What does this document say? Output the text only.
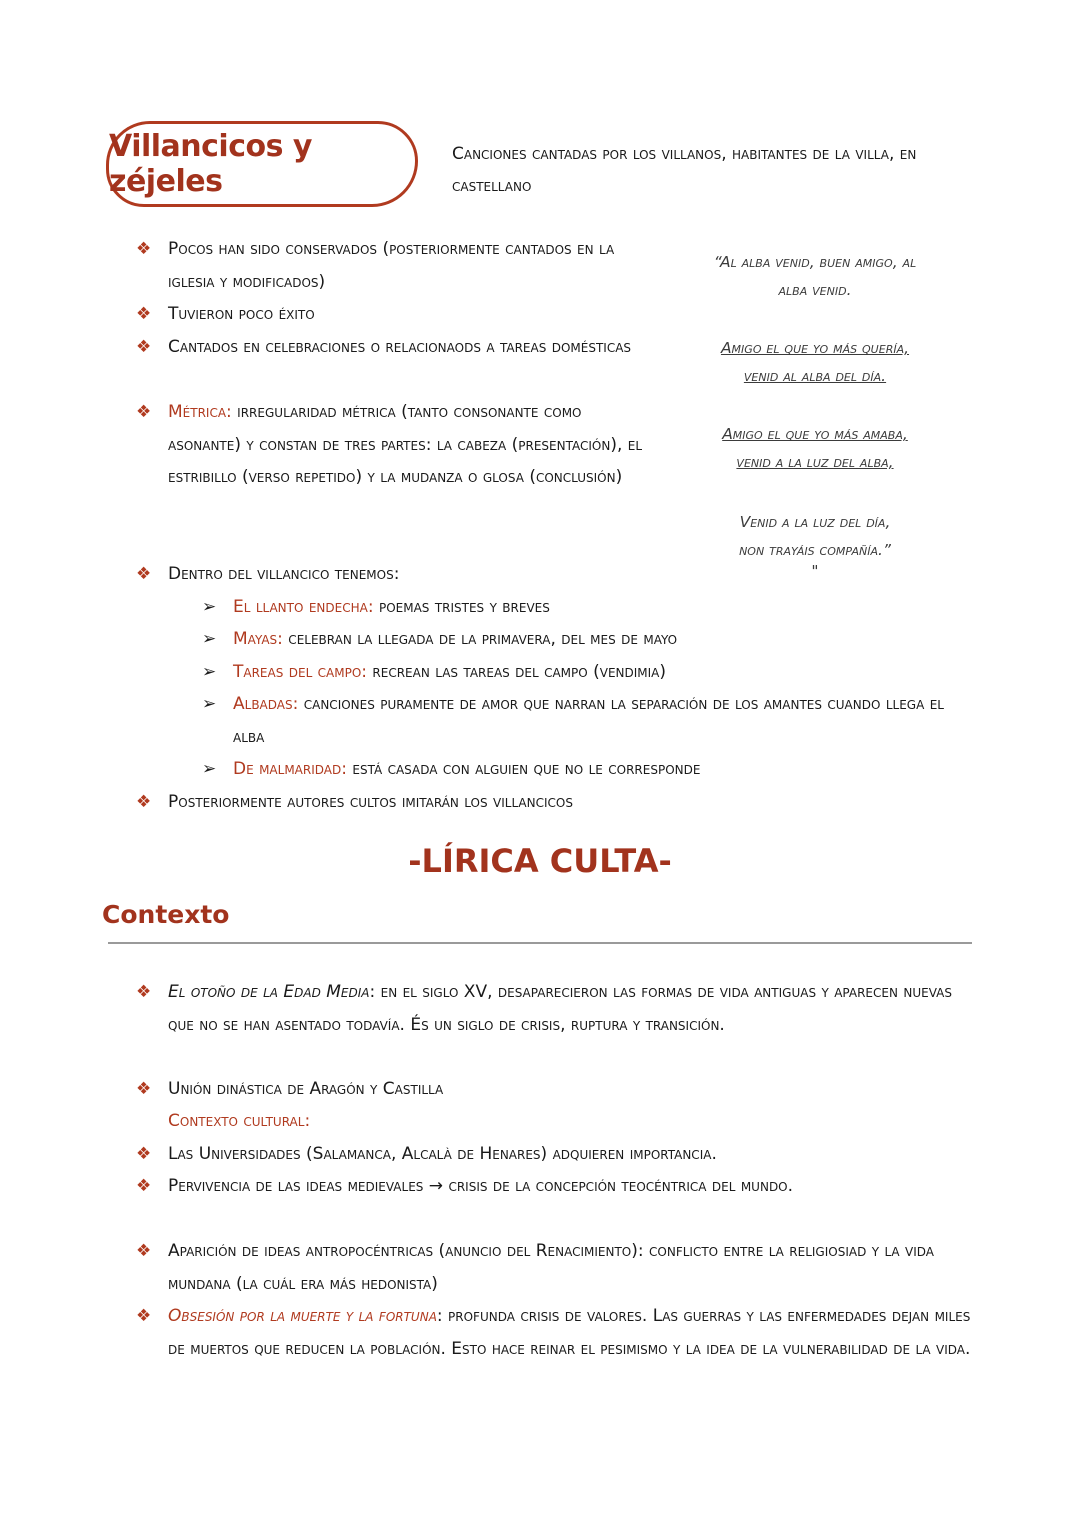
Villancicos y zéjeles
Canciones cantadas por los villanos, habitantes de la villa, en castellano
❖ Pocos han sido conservados (posteriormente cantados en la iglesia y modificados)
❖ Tuvieron poco éxito
❖ Cantados en celebraciones o relacionaods a tareas domésticas
❖ Métrica: irregularidad métrica (tanto consonante como asonante) y constan de tres partes: la cabeza (presentación), el estribillo (verso repetido) y la mudanza o glosa (conclusión)
❖ Dentro del villancico tenemos:
➢ El llanto endecha: poemas tristes y breves
➢ Mayas: celebran la llegada de la primavera, del mes de mayo
➢ Tareas del campo: recrean las tareas del campo (vendimia)
➢ Albadas: canciones puramente de amor que narran la separación de los amantes cuando llega el alba
➢ De malmaridad: está casada con alguien que no le corresponde
❖ Posteriormente autores cultos imitarán los villancicos
“Al alba venid, buen amigo, al
alba venid.
Amigo el que yo más quería,
venid al alba del día.
Amigo el que yo más amaba,
venid a la luz del alba,
Venid a la luz del día,
non trayáis compañía.”
"
-LÍRICA CULTA-
Contexto
❖ El otoño de la Edad Media: en el siglo XV, desaparecieron las formas de vida antiguas y aparecen nuevas que no se han asentado todavía. És un siglo de crisis, ruptura y transición.
❖ Unión dinástica de Aragón y Castilla
Contexto cultural:
❖ Las Universidades (Salamanca, Alcalà de Henares) adquieren importancia.
❖ Pervivencia de las ideas medievales → crisis de la concepción teocéntrica del mundo.
❖ Aparición de ideas antropocéntricas (anuncio del Renacimiento): conflicto entre la religiosiad y la vida mundana (la cuál era más hedonista)
❖ Obsesión por la muerte y la fortuna: profunda crisis de valores. Las guerras y las enfermedades dejan miles de muertos que reducen la población. Esto hace reinar el pesimismo y la idea de la vulnerabilidad de la vida.
